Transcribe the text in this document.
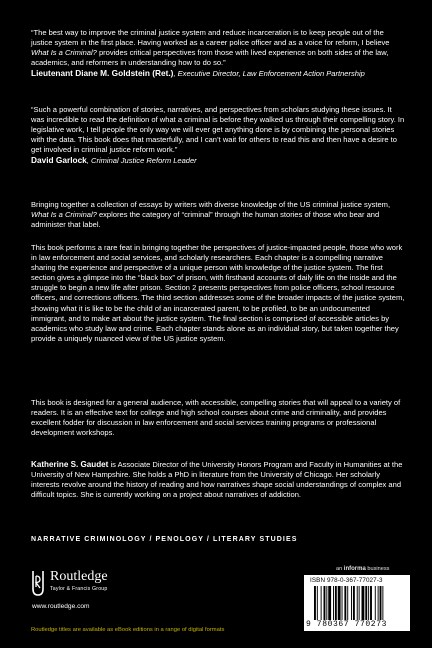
“The best way to improve the criminal justice system and reduce incarceration is to keep people out of the justice system in the first place. Having worked as a career police officer and as a voice for reform, I believe What Is a Criminal? provides critical perspectives from those with lived experience on both sides of the law, academics, and reformers in understanding how to do so.”

Lieutenant Diane M. Goldstein (Ret.), Executive Director, Law Enforcement Action Partnership

“Such a powerful combination of stories, narratives, and perspectives from scholars studying these issues. It was incredible to read the definition of what a criminal is before they walked us through their compelling story. In legislative work, I tell people the only way we will ever get anything done is by combining the personal stories with the data. This book does that masterfully, and I can’t wait for others to read this and then have a desire to get involved in criminal justice reform work.”

David Garlock, Criminal Justice Reform Leader

Bringing together a collection of essays by writers with diverse knowledge of the US criminal justice system, What Is a Criminal? explores the category of “criminal” through the human stories of those who bear and administer that label.

This book performs a rare feat in bringing together the perspectives of justice-impacted people, those who work in law enforcement and social services, and scholarly researchers. Each chapter is a compelling narrative sharing the experience and perspective of a unique person with knowledge of the justice system. The first section gives a glimpse into the “black box” of prison, with firsthand accounts of daily life on the inside and the struggle to begin a new life after prison. Section 2 presents perspectives from police officers, school resource officers, and corrections officers. The third section addresses some of the broader impacts of the justice system, showing what it is like to be the child of an incarcerated parent, to be profiled, to be an undocumented immigrant, and to make art about the justice system. The final section is comprised of accessible articles by academics who study law and crime. Each chapter stands alone as an individual story, but taken together they provide a uniquely nuanced view of the US justice system.

This book is designed for a general audience, with accessible, compelling stories that will appeal to a variety of readers. It is an effective text for college and high school courses about crime and criminality, and provides excellent fodder for discussion in law enforcement and social services training programs or professional development workshops.

Katherine S. Gaudet is Associate Director of the University Honors Program and Faculty in Humanities at the University of New Hampshire. She holds a PhD in literature from the University of Chicago. Her scholarly interests revolve around the history of reading and how narratives shape social understandings of complex and difficult topics. She is currently working on a project about narratives of addiction.

NARRATIVE CRIMINOLOGY / PENOLOGY / LITERARY STUDIES
Routledge
Taylor & Francis Group
www.routledge.com
Routledge titles are available as eBook editions in a range of digital formats
an informa business
ISBN 978-0-367-77027-3
9 780367 770273
